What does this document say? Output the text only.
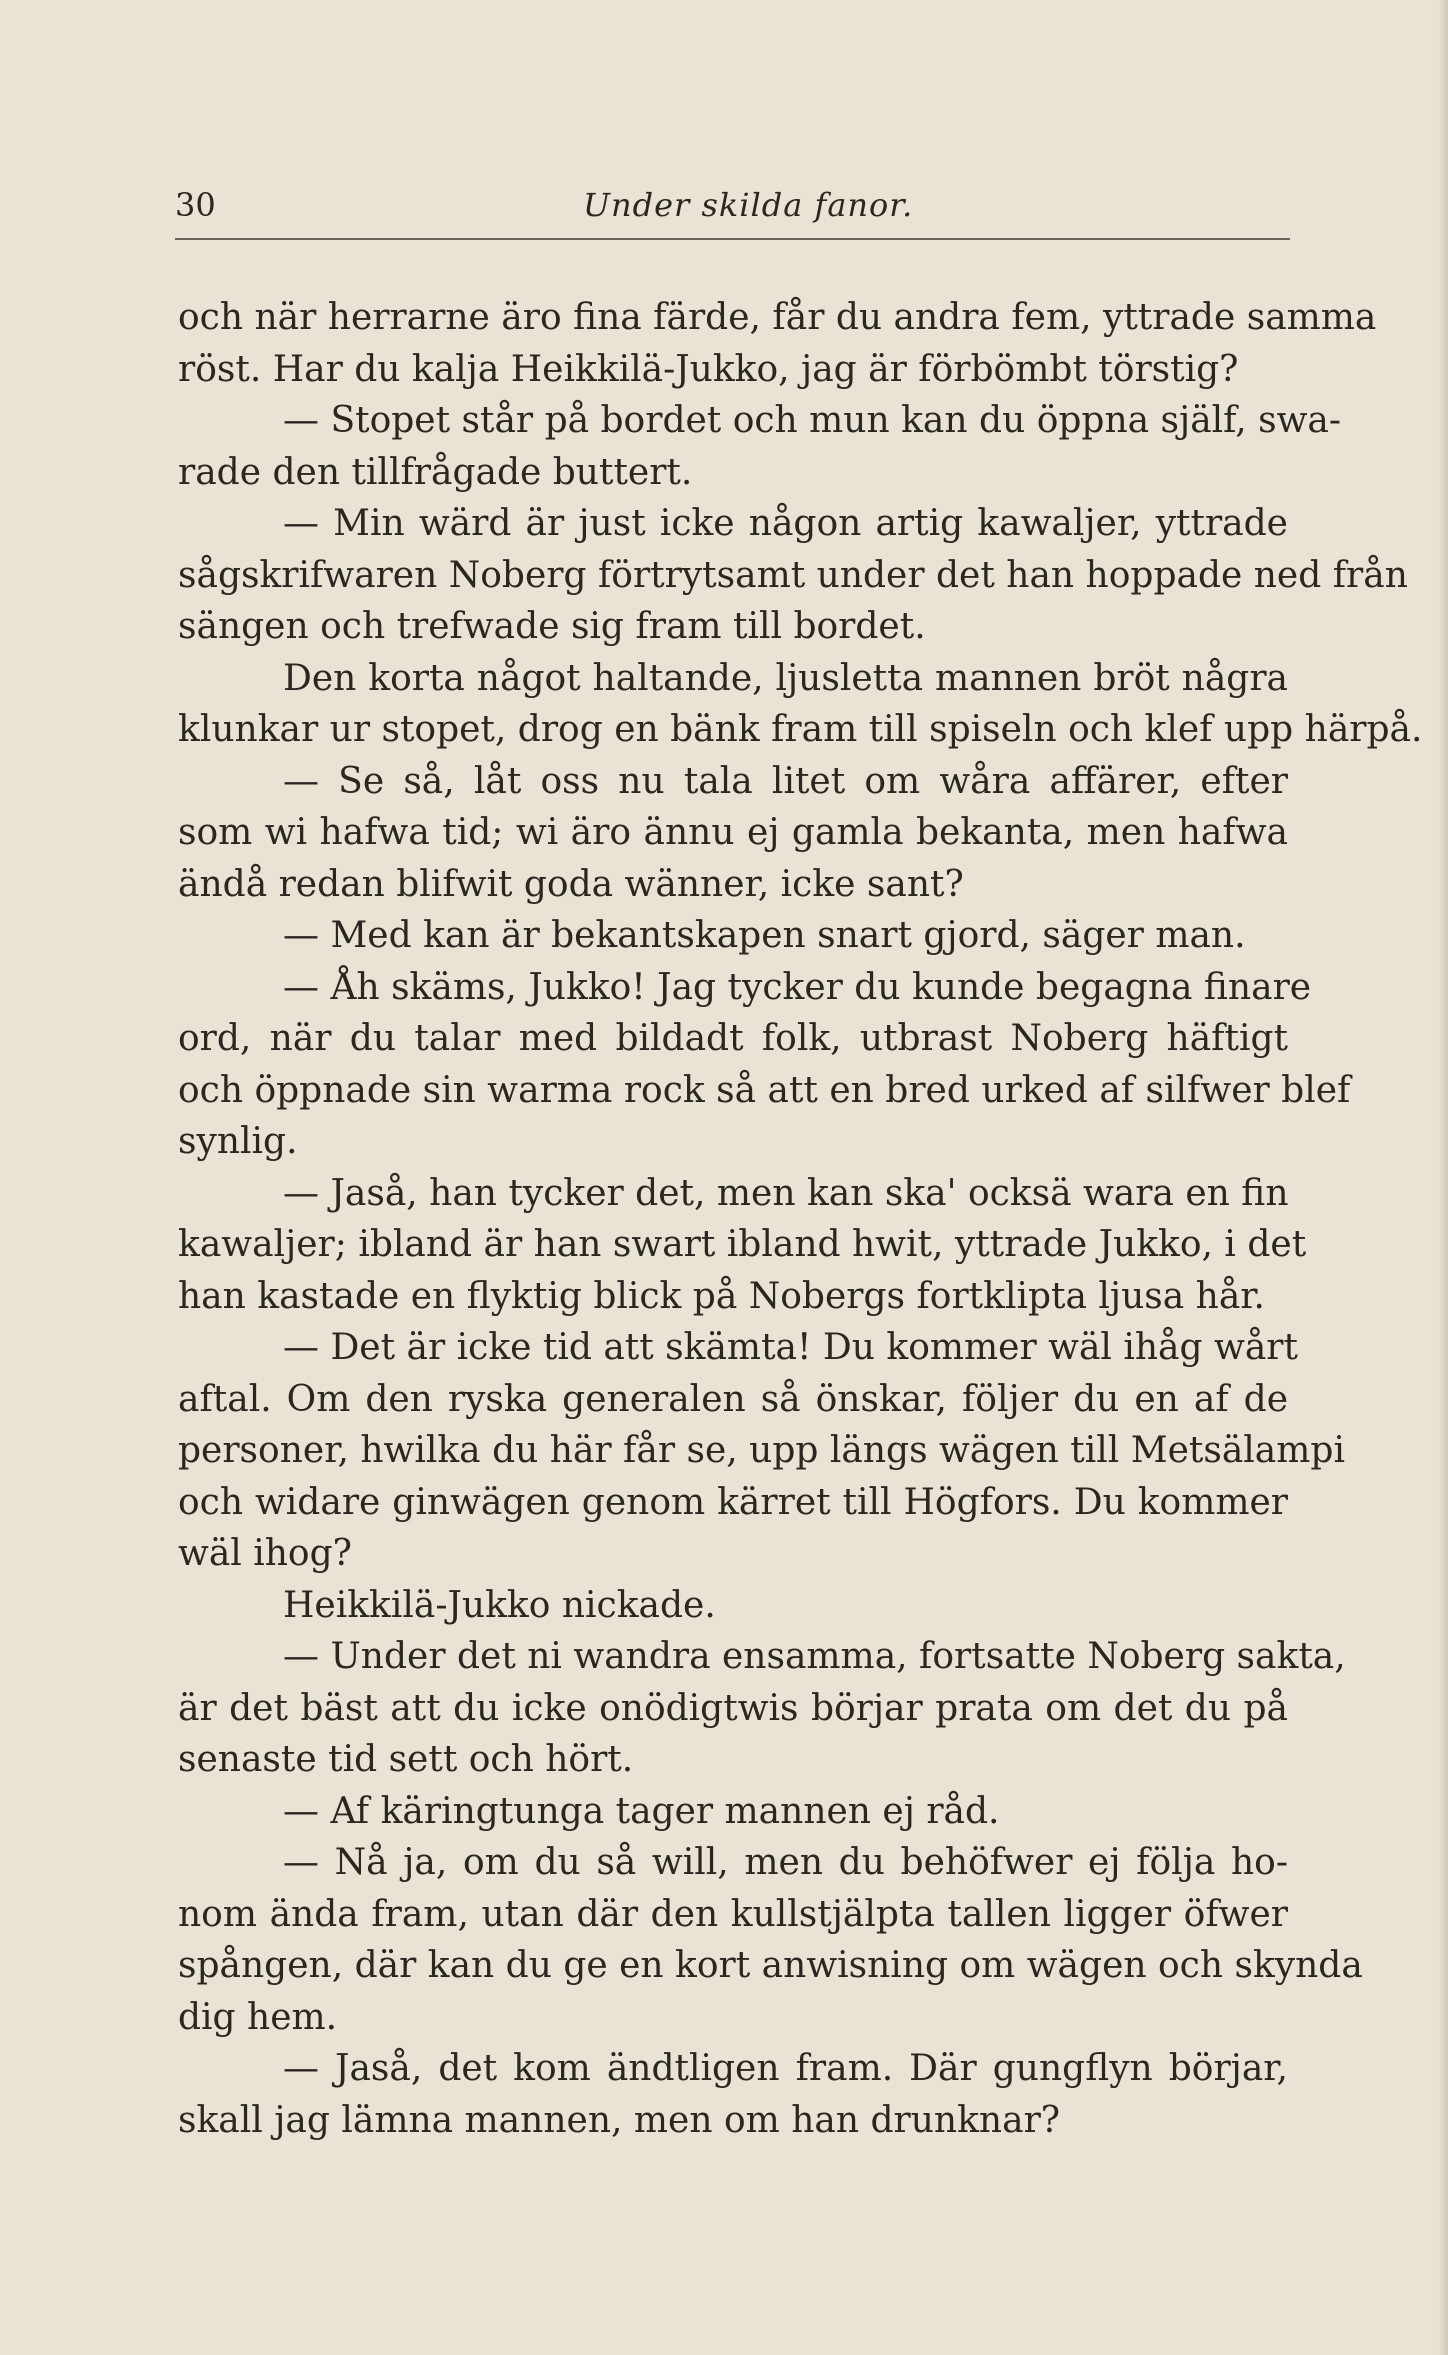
30	Under skilda fanor.
och när herrarne äro fina färde, får du andra fem, yttrade samma
röst. Har du kalja Heikkilä-Jukko, jag är förbömbt törstig?
— Stopet står på bordet och mun kan du öppna själf, swa-
rade den tillfrågade buttert.
— Min wärd är just icke någon artig kawaljer, yttrade
sågskrifwaren Noberg förtrytsamt under det han hoppade ned från
sängen och trefwade sig fram till bordet.
Den korta något haltande, ljusletta mannen bröt några
klunkar ur stopet, drog en bänk fram till spiseln och klef upp härpå.
— Se så, låt oss nu tala litet om wåra affärer, efter
som wi hafwa tid; wi äro ännu ej gamla bekanta, men hafwa
ändå redan blifwit goda wänner, icke sant?
— Med kan är bekantskapen snart gjord, säger man.
— Åh skäms, Jukko! Jag tycker du kunde begagna finare
ord, när du talar med bildadt folk, utbrast Noberg häftigt
och öppnade sin warma rock så att en bred urked af silfwer blef
synlig.
— Jaså, han tycker det, men kan ska' ocksä wara en fin
kawaljer; ibland är han swart ibland hwit, yttrade Jukko, i det
han kastade en flyktig blick på Nobergs fortklipta ljusa hår.
— Det är icke tid att skämta! Du kommer wäl ihåg wårt
aftal. Om den ryska generalen så önskar, följer du en af de
personer, hwilka du här får se, upp längs wägen till Metsälampi
och widare ginwägen genom kärret till Högfors. Du kommer
wäl ihog?
Heikkilä-Jukko nickade.
— Under det ni wandra ensamma, fortsatte Noberg sakta,
är det bäst att du icke onödigtwis börjar prata om det du på
senaste tid sett och hört.
— Af käringtunga tager mannen ej råd.
— Nå ja, om du så will, men du behöfwer ej följa ho-
nom ända fram, utan där den kullstjälpta tallen ligger öfwer
spången, där kan du ge en kort anwisning om wägen och skynda
dig hem.
— Jaså, det kom ändtligen fram. Där gungflyn börjar,
skall jag lämna mannen, men om han drunknar?
